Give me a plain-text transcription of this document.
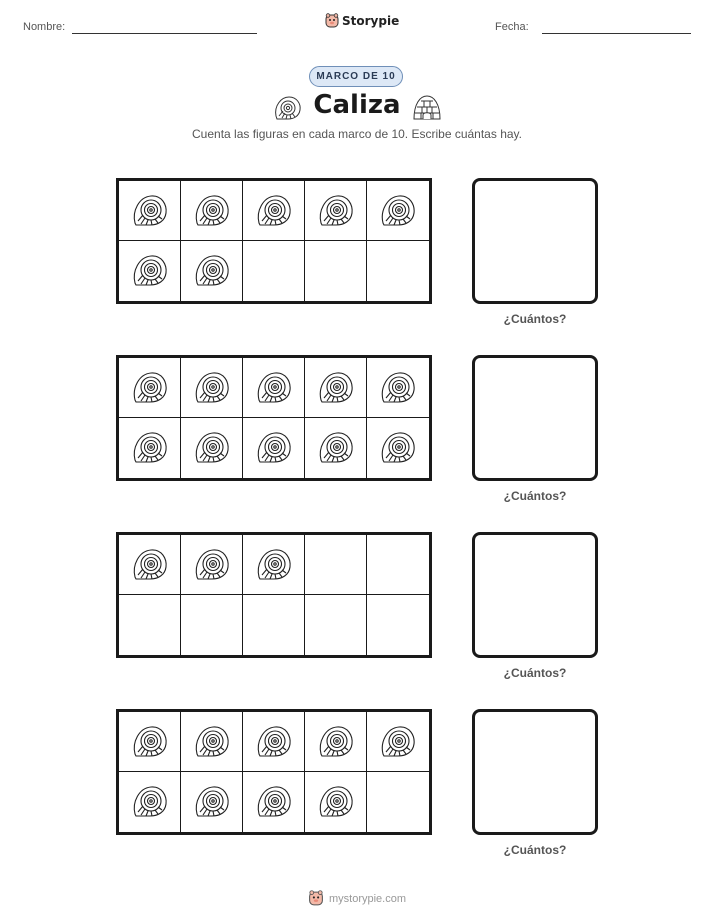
Nombre:	Storypie	Fecha:
MARCO DE 10
Caliza
Cuenta las figuras en cada marco de 10. Escribe cuántas hay.
¿Cuántos?
¿Cuántos?
¿Cuántos?
¿Cuántos?
mystorypie.com
